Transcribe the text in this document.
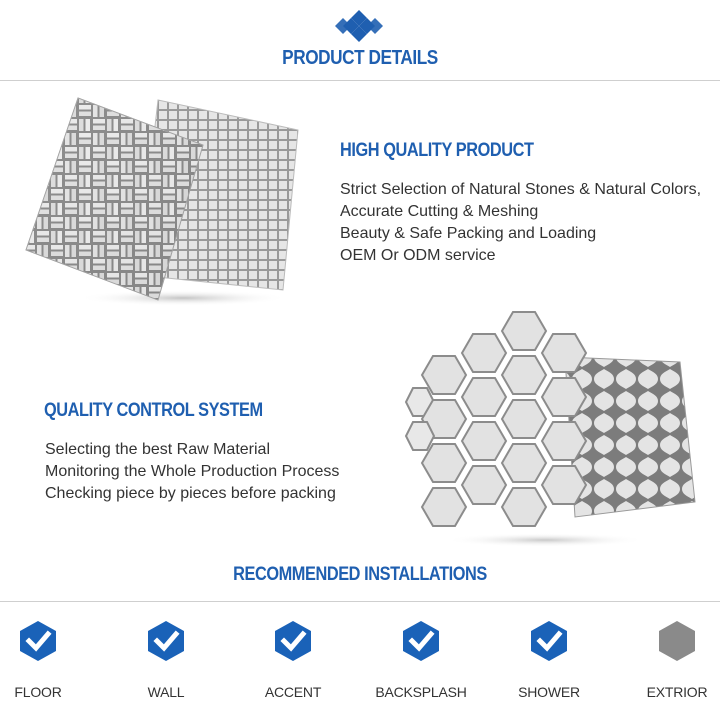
PRODUCT DETAILS
HIGH QUALITY PRODUCT
Strict Selection of Natural Stones & Natural Colors,
Accurate Cutting & Meshing
Beauty & Safe Packing and Loading
OEM Or ODM service
QUALITY CONTROL SYSTEM
Selecting the best Raw Material
Monitoring the Whole Production Process
Checking piece by pieces before packing
RECOMMENDED INSTALLATIONS
FLOOR	WALL	ACCENT	BACKSPLASH	SHOWER	EXTRIOR
